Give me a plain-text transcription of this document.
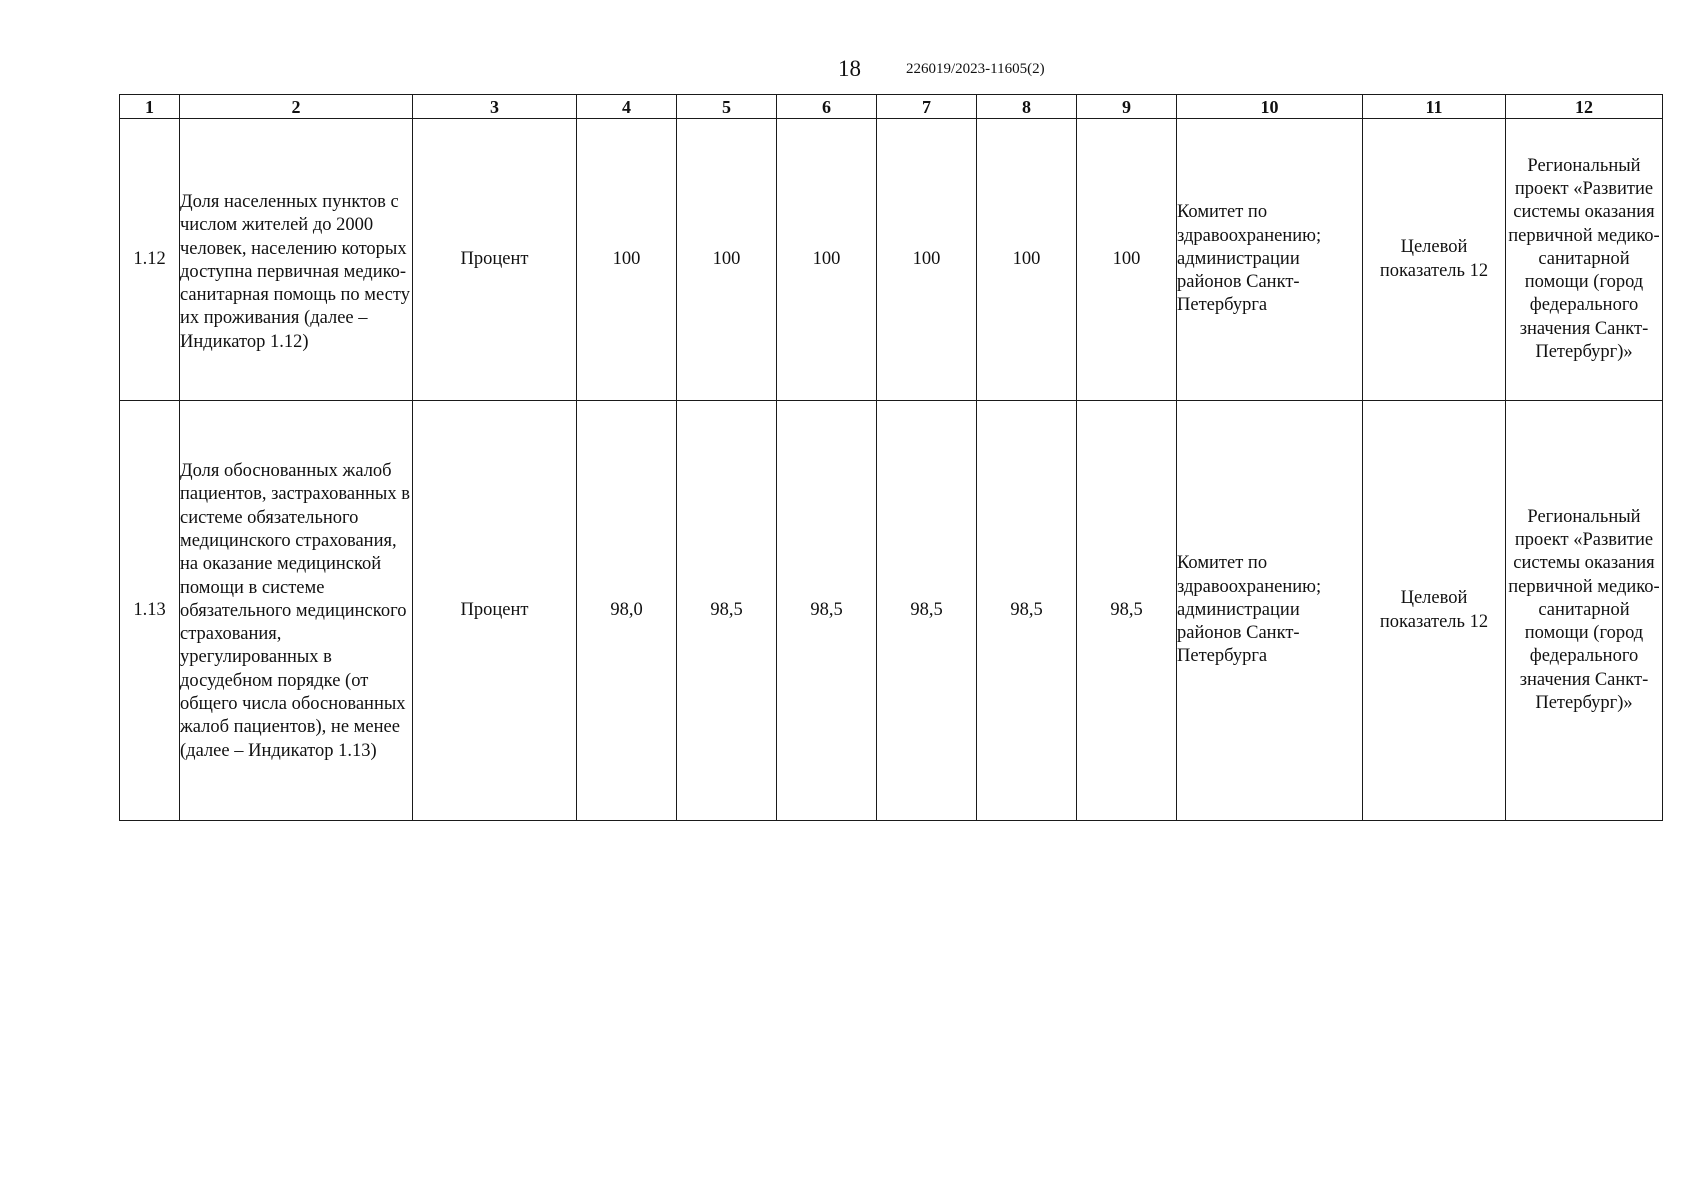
18	226019/2023-11605(2)
1	2	3	4	5	6	7	8	9	10	11	12
1.12	Доля населенных пунктов с числом жителей до 2000 человек, населению которых доступна первичная медико-санитарная помощь по месту их проживания (далее – Индикатор 1.12)	Процент	100	100	100	100	100	100	Комитет по здравоохранению; администрации районов Санкт-Петербурга	Целевой показатель 12	Региональный проект «Развитие системы оказания первичной медико-санитарной помощи (город федерального значения Санкт-Петербург)»
1.13	Доля обоснованных жалоб пациентов, застрахованных в системе обязательного медицинского страхования, на оказание медицинской помощи в системе обязательного медицинского страхования, урегулированных в досудебном порядке (от общего числа обоснованных жалоб пациентов), не менее (далее – Индикатор 1.13)	Процент	98,0	98,5	98,5	98,5	98,5	98,5	Комитет по здравоохранению; администрации районов Санкт-Петербурга	Целевой показатель 12	Региональный проект «Развитие системы оказания первичной медико-санитарной помощи (город федерального значения Санкт-Петербург)»
